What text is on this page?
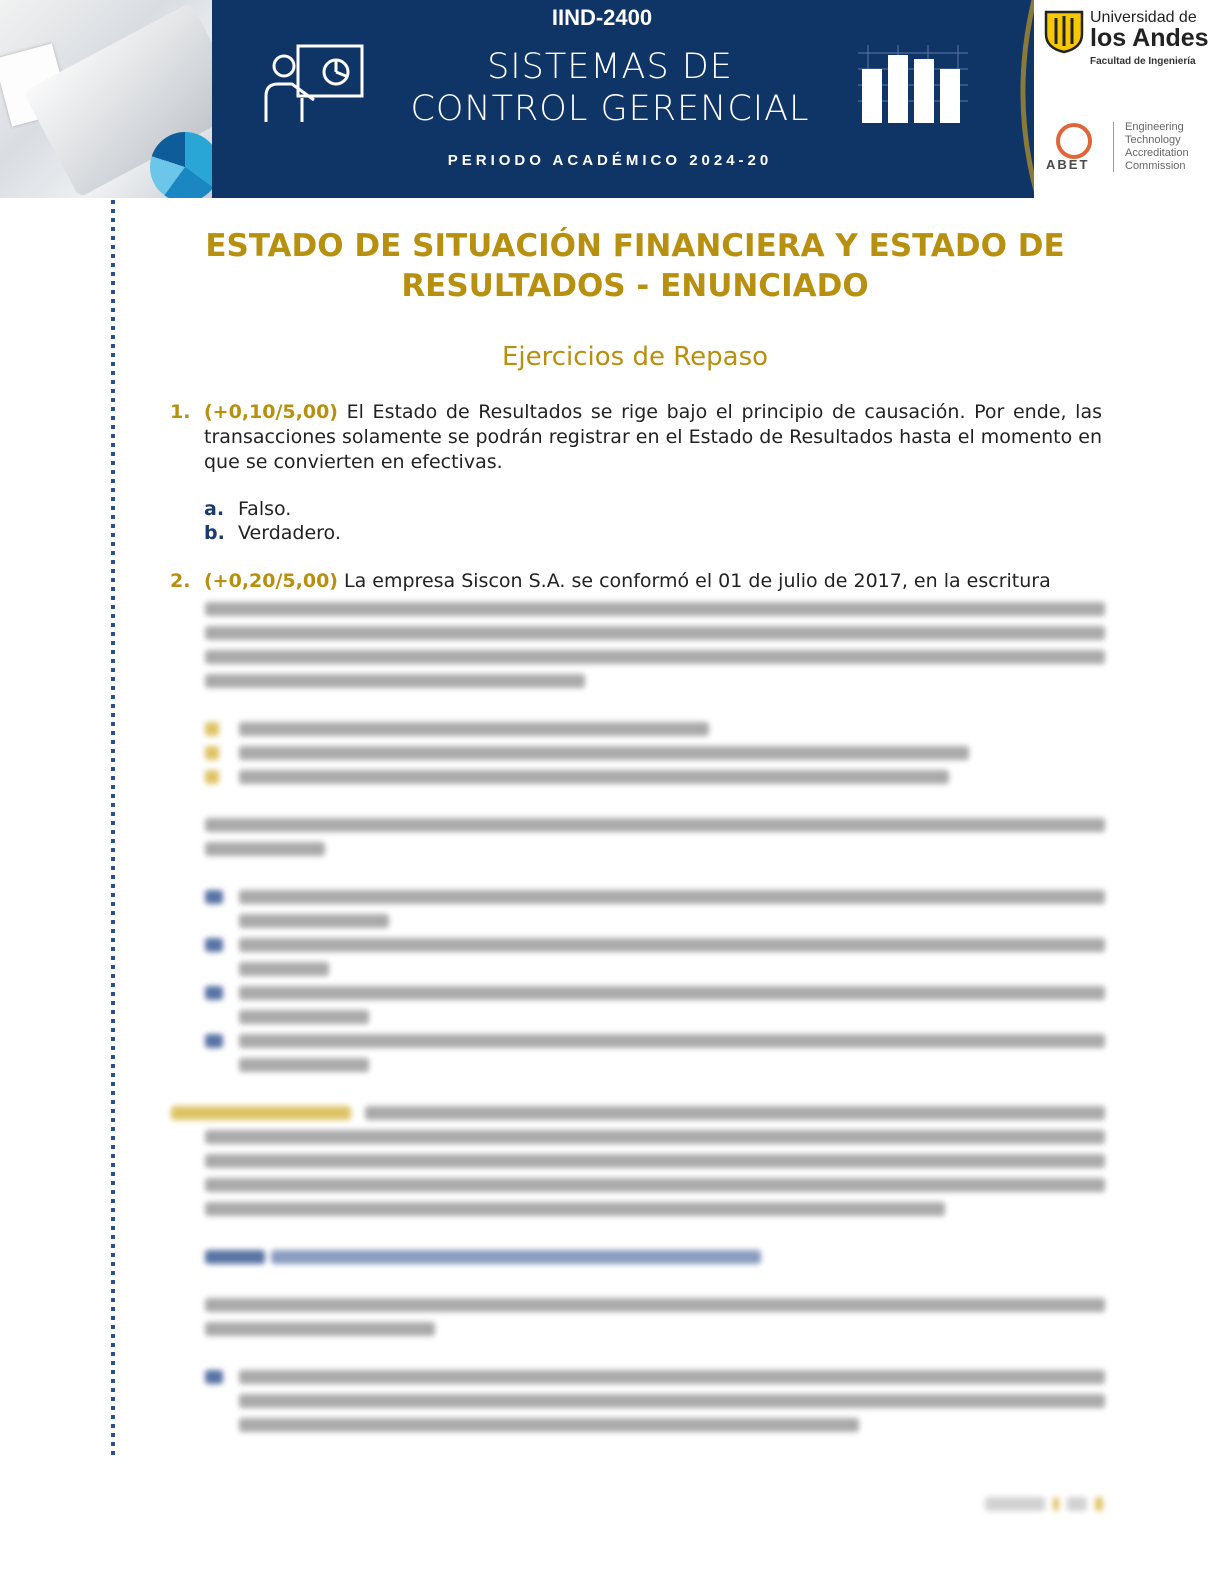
IIND-2400
SISTEMAS DE
CONTROL GERENCIAL
PERIODO ACADÉMICO 2024-20
Universidad de
los Andes
Facultad de Ingeniería
ABET
Engineering
Technology
Accreditation
Commission
ESTADO DE SITUACIÓN FINANCIERA Y ESTADO DE RESULTADOS - ENUNCIADO
Ejercicios de Repaso
1. (+0,10/5,00) El Estado de Resultados se rige bajo el principio de causación. Por ende, las transacciones solamente se podrán registrar en el Estado de Resultados hasta el momento en que se convierten en efectivas.
a. Falso.
b. Verdadero.
2. (+0,20/5,00) La empresa Siscon S.A. se conformó el 01 de julio de 2017, en la escritura
